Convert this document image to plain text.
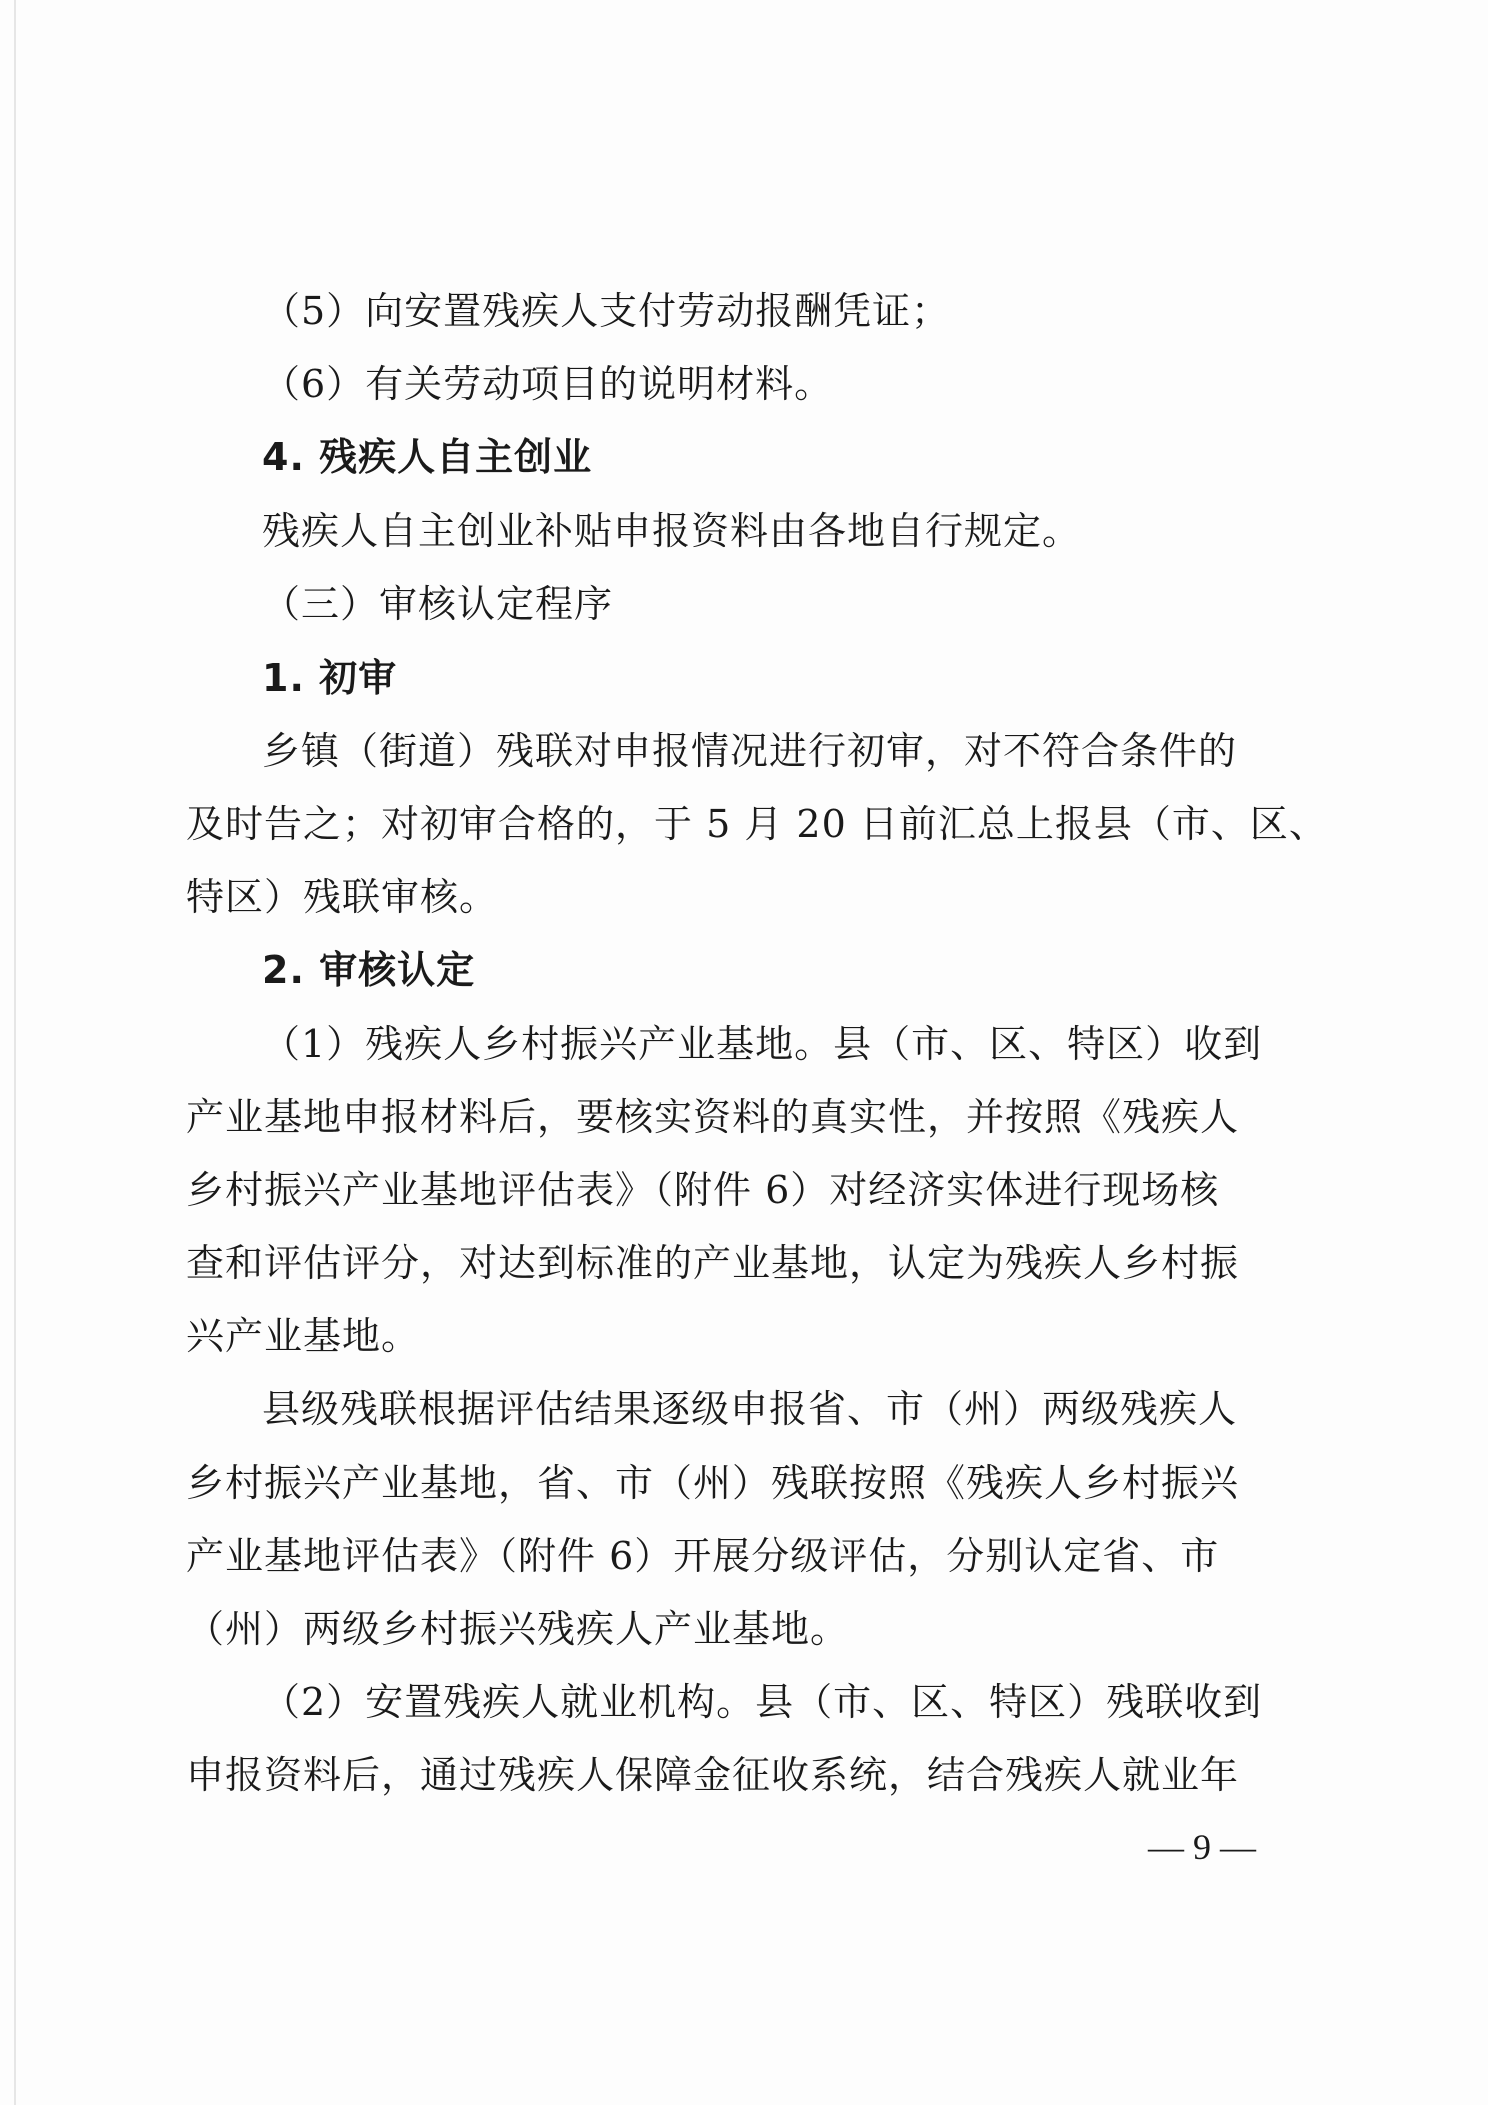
（5）向安置残疾人支付劳动报酬凭证；
（6）有关劳动项目的说明材料。
4. 残疾人自主创业
残疾人自主创业补贴申报资料由各地自行规定。
（三）审核认定程序
1. 初审
乡镇（街道）残联对申报情况进行初审，对不符合条件的
及时告之；对初审合格的，于 5 月 20 日前汇总上报县（市、区、
特区）残联审核。
2. 审核认定
（1）残疾人乡村振兴产业基地。县（市、区、特区）收到
产业基地申报材料后，要核实资料的真实性，并按照《残疾人
乡村振兴产业基地评估表》（附件 6）对经济实体进行现场核
查和评估评分，对达到标准的产业基地，认定为残疾人乡村振
兴产业基地。
县级残联根据评估结果逐级申报省、市（州）两级残疾人
乡村振兴产业基地，省、市（州）残联按照《残疾人乡村振兴
产业基地评估表》（附件 6）开展分级评估，分别认定省、市
（州）两级乡村振兴残疾人产业基地。
（2）安置残疾人就业机构。县（市、区、特区）残联收到
申报资料后，通过残疾人保障金征收系统，结合残疾人就业年
— 9 —
